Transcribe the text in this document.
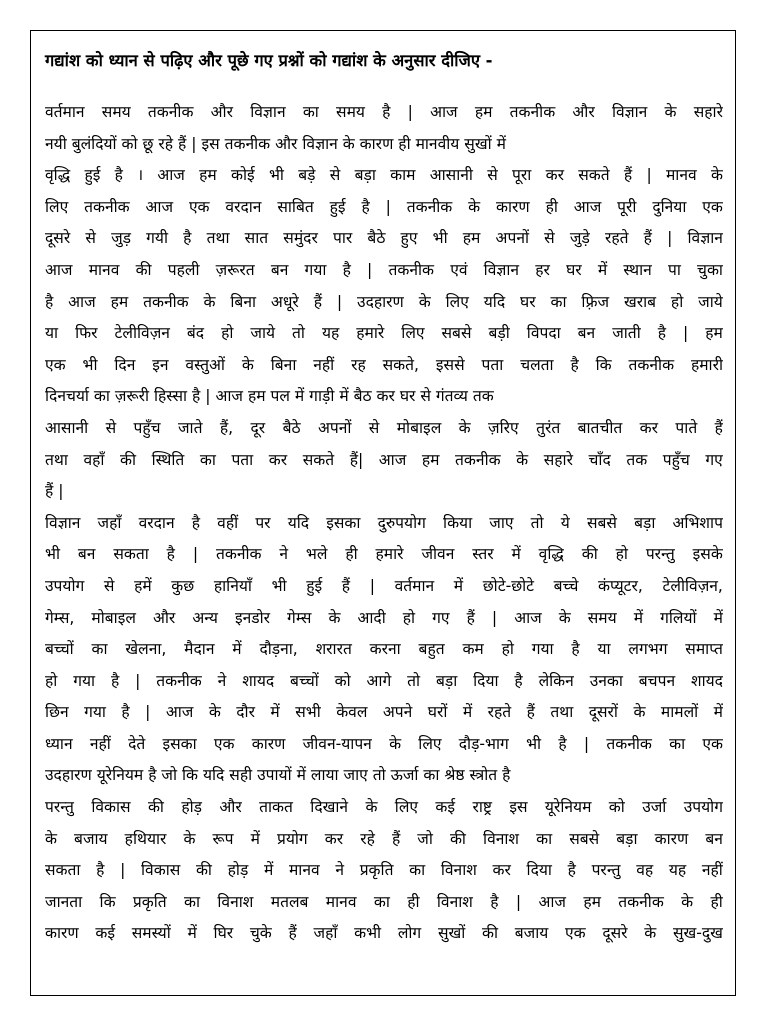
गद्यांश को ध्यान से पढ़िए और पूछे गए प्रश्नों को गद्यांश के अनुसार दीजिए -
वर्तमान समय तकनीक और विज्ञान का समय है | आज हम तकनीक और विज्ञान के सहारे
नयी बुलंदियों को छू रहे हैं | इस तकनीक और विज्ञान के कारण ही मानवीय सुखों में
वृद्धि हुई है । आज हम कोई भी बड़े से बड़ा काम आसानी से पूरा कर सकते हैं | मानव के
लिए तकनीक आज एक वरदान साबित हुई है | तकनीक के कारण ही आज पूरी दुनिया एक
दूसरे से जुड़ गयी है तथा सात समुंदर पार बैठे हुए भी हम अपनों से जुड़े रहते हैं | विज्ञान
आज मानव की पहली ज़रूरत बन गया है | तकनीक एवं विज्ञान हर घर में स्थान पा चुका
है आज हम तकनीक के बिना अधूरे हैं | उदहारण के लिए यदि घर का फ़्रिज खराब हो जाये
या फिर टेलीविज़न बंद हो जाये तो यह हमारे लिए सबसे बड़ी विपदा बन जाती है | हम
एक भी दिन इन वस्तुओं के बिना नहीं रह सकते, इससे पता चलता है कि तकनीक हमारी
दिनचर्या का ज़रूरी हिस्सा है | आज हम पल में गाड़ी में बैठ कर घर से गंतव्य तक
आसानी से पहुँच जाते हैं, दूर बैठे अपनों से मोबाइल के ज़रिए तुरंत बातचीत कर पाते हैं
तथा वहाँ की स्थिति का पता कर सकते हैं| आज हम तकनीक के सहारे चाँद तक पहुँच गए
हैं |
विज्ञान जहाँ वरदान है वहीं पर यदि इसका दुरुपयोग किया जाए तो ये सबसे बड़ा अभिशाप
भी बन सकता है | तकनीक ने भले ही हमारे जीवन स्तर में वृद्धि की हो परन्तु इसके
उपयोग से हमें कुछ हानियाँ भी हुई हैं | वर्तमान में छोटे-छोटे बच्चे कंप्यूटर, टेलीविज़न,
गेम्स, मोबाइल और अन्य इनडोर गेम्स के आदी हो गए हैं | आज के समय में गलियों में
बच्चों का खेलना, मैदान में दौड़ना, शरारत करना बहुत कम हो गया है या लगभग समाप्त
हो गया है | तकनीक ने शायद बच्चों को आगे तो बड़ा दिया है लेकिन उनका बचपन शायद
छिन गया है | आज के दौर में सभी केवल अपने घरों में रहते हैं तथा दूसरों के मामलों में
ध्यान नहीं देते इसका एक कारण जीवन-यापन के लिए दौड़-भाग भी है | तकनीक का एक
उदहारण यूरेनियम है जो कि यदि सही उपायों में लाया जाए तो ऊर्जा का श्रेष्ठ स्त्रोत है
परन्तु विकास की होड़ और ताकत दिखाने के लिए कई राष्ट्र इस यूरेनियम को उर्जा उपयोग
के बजाय हथियार के रूप में प्रयोग कर रहे हैं जो की विनाश का सबसे बड़ा कारण बन
सकता है | विकास की होड़ में मानव ने प्रकृति का विनाश कर दिया है परन्तु वह यह नहीं
जानता कि प्रकृति का विनाश मतलब मानव का ही विनाश है | आज हम तकनीक के ही
कारण कई समस्यों में घिर चुके हैं जहाँ कभी लोग सुखों की बजाय एक दूसरे के सुख-दुख
